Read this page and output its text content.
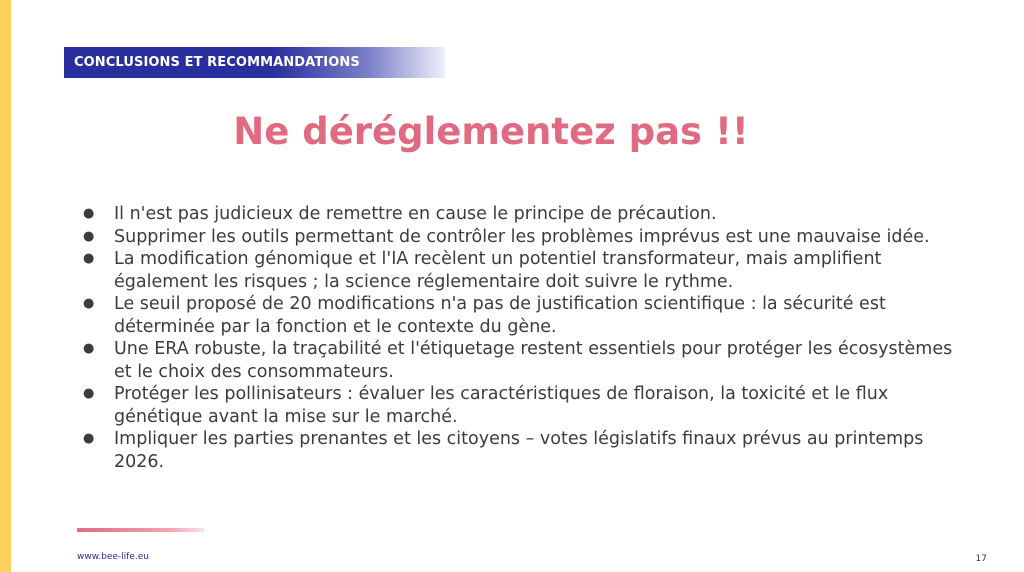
CONCLUSIONS ET RECOMMANDATIONS
Ne déréglementez pas !!
● Il n'est pas judicieux de remettre en cause le principe de précaution.
● Supprimer les outils permettant de contrôler les problèmes imprévus est une mauvaise idée.
● La modification génomique et l'IA recèlent un potentiel transformateur, mais amplifient également les risques ; la science réglementaire doit suivre le rythme.
● Le seuil proposé de 20 modifications n'a pas de justification scientifique : la sécurité est déterminée par la fonction et le contexte du gène.
● Une ERA robuste, la traçabilité et l'étiquetage restent essentiels pour protéger les écosystèmes et le choix des consommateurs.
● Protéger les pollinisateurs : évaluer les caractéristiques de floraison, la toxicité et le flux génétique avant la mise sur le marché.
● Impliquer les parties prenantes et les citoyens – votes législatifs finaux prévus au printemps 2026.
www.bee-life.eu	17
